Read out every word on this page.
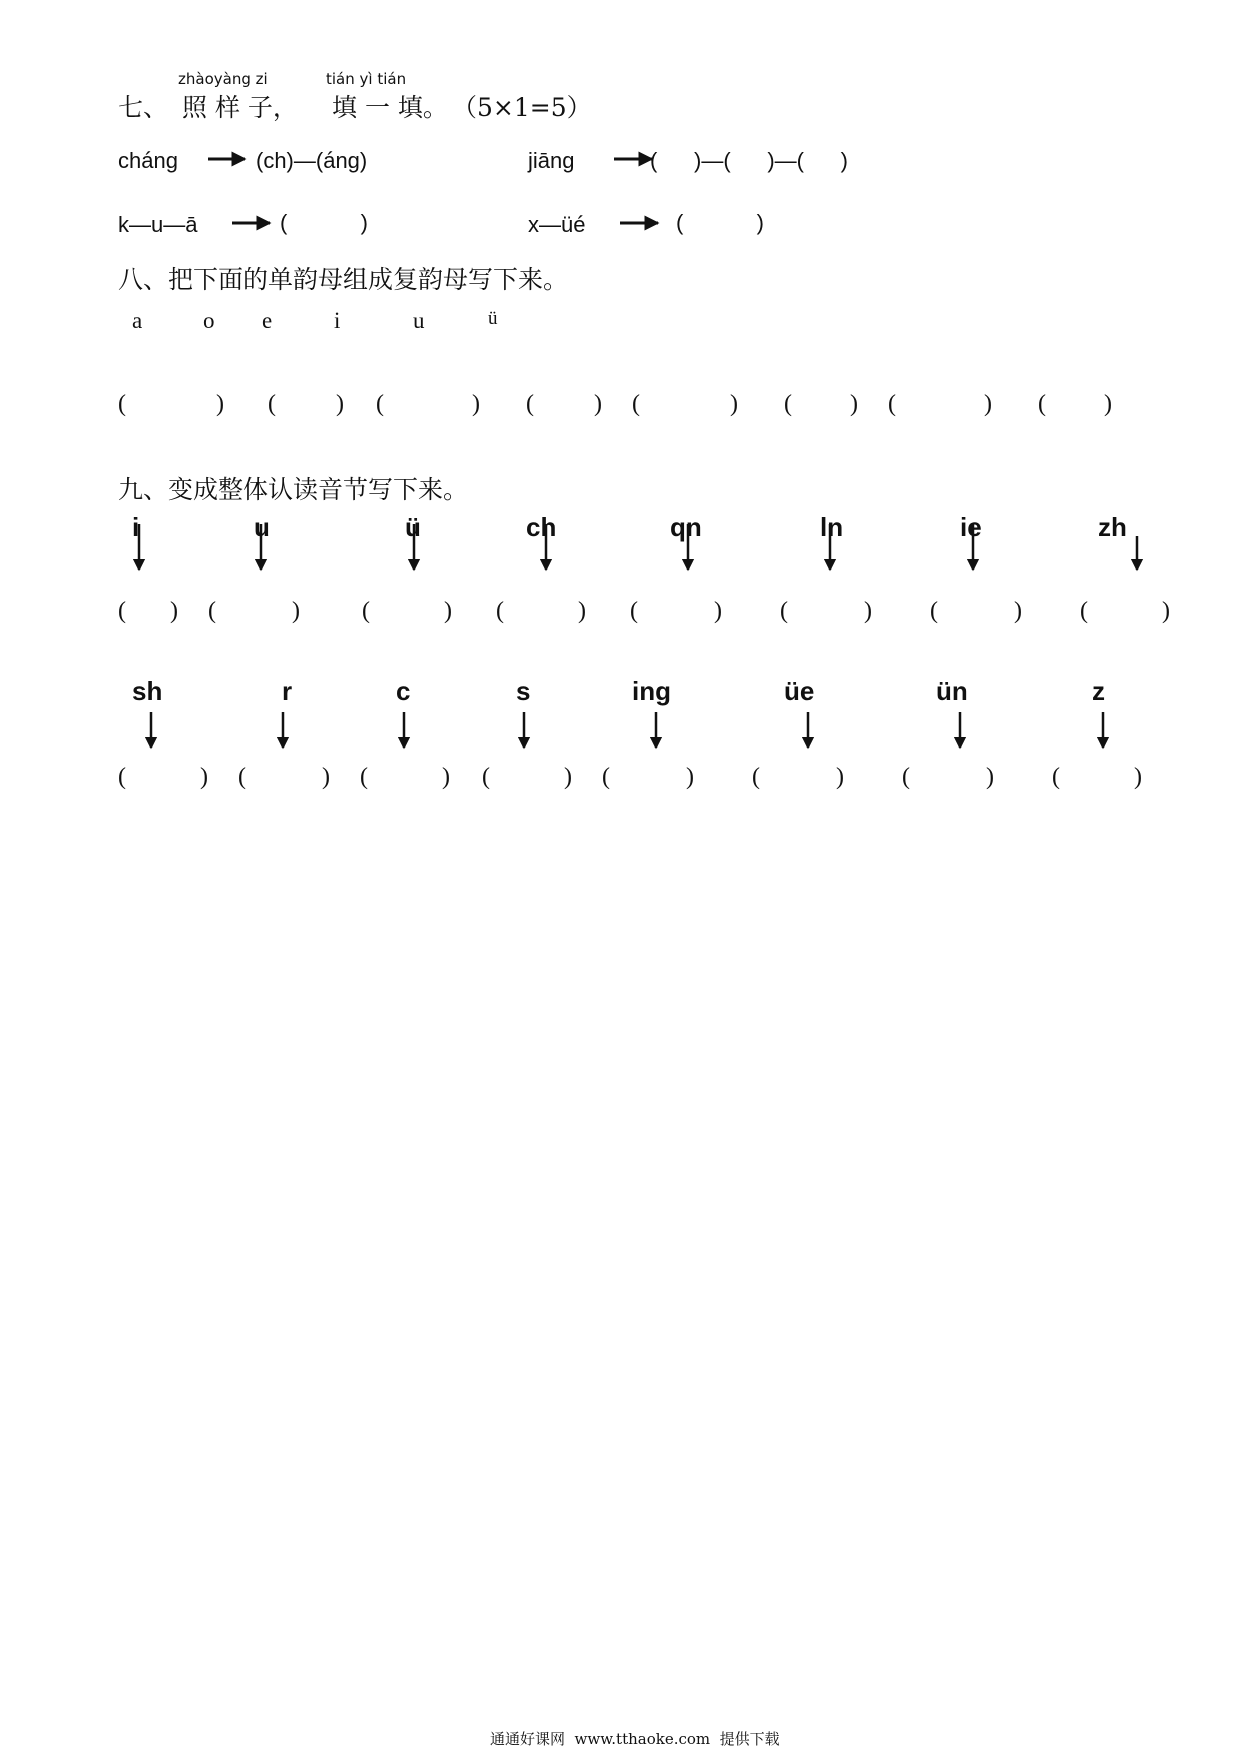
zhàoyàng zi	tián yì tián
七、 照 样 子， 填 一 填。 （5×1=5）
cháng	(ch)—(áng)	jiāng	(      )—(      )—(      )
k—u—ā	(            )	x—üé	(            )
八、把下面的单韵母组成复韵母写下来。
a	o e	i	u	ü
(	) (	) (	) (	) (	) ( ) (	) ( )
九、变成整体认读音节写下来。
i	u	ü	ch	qn	ln	ie	zh
( ) (	)	(	) (	) (	) (	) (	) (	)
sh	r	c	s	ing	üe	ün	z
(	) (	) (	) (	) (	) (	) (	) (	)
通通好课网  www.tthaoke.com  提供下载
